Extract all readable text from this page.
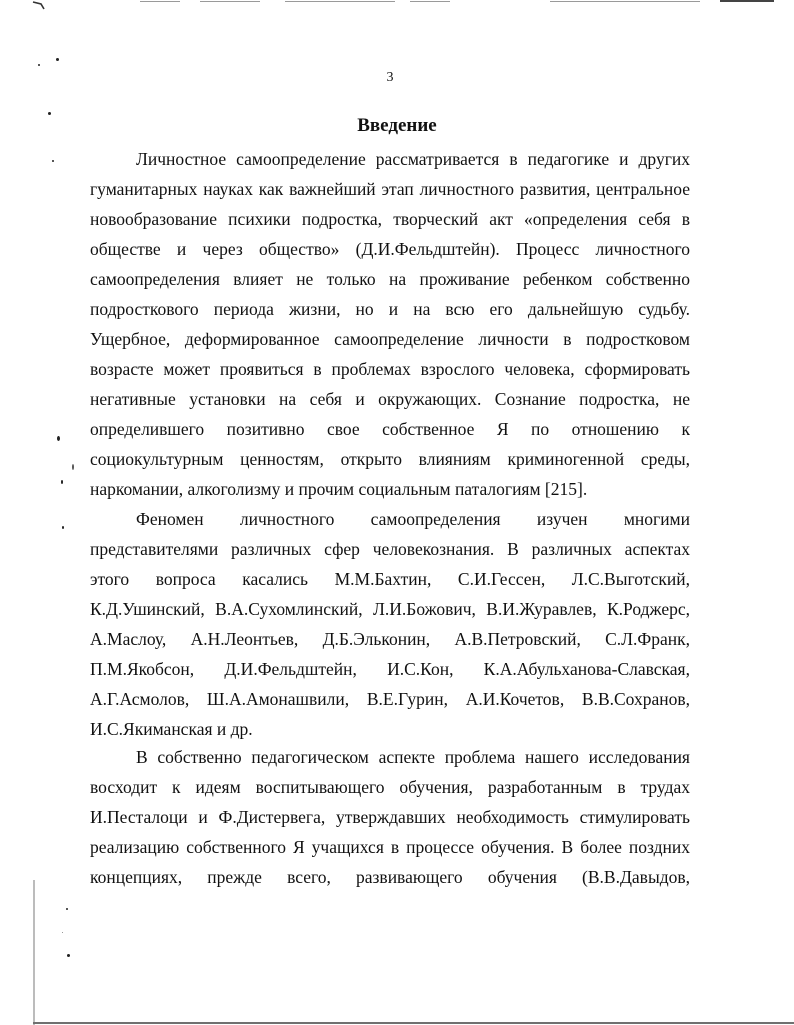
3
Введение
Личностное самоопределение рассматривается в педагогике и других
гуманитарных науках как важнейший этап личностного развития, центральное
новообразование психики подростка, творческий акт «определения себя в
обществе и через общество» (Д.И.Фельдштейн). Процесс личностного
самоопределения влияет не только на проживание ребенком собственно
подросткового периода жизни, но и на всю его дальнейшую судьбу.
Ущербное, деформированное самоопределение личности в подростковом
возрасте может проявиться в проблемах взрослого человека, сформировать
негативные установки на себя и окружающих. Сознание подростка, не
определившего позитивно свое собственное Я по отношению к
социокультурным ценностям, открыто влияниям криминогенной среды,
наркомании, алкоголизму и прочим социальным паталогиям [215].
Феномен личностного самоопределения изучен многими
представителями различных сфер человекознания. В различных аспектах
этого вопроса касались М.М.Бахтин, С.И.Гессен, Л.С.Выготский,
К.Д.Ушинский, В.А.Сухомлинский, Л.И.Божович, В.И.Журавлев, К.Роджерс,
А.Маслоу, А.Н.Леонтьев, Д.Б.Эльконин, А.В.Петровский, С.Л.Франк,
П.М.Якобсон, Д.И.Фельдштейн, И.С.Кон, К.А.Абульханова-Славская,
А.Г.Асмолов, Ш.А.Амонашвили, В.Е.Гурин, А.И.Кочетов, В.В.Сохранов,
И.С.Якиманская и др.
В собственно педагогическом аспекте проблема нашего исследования
восходит к идеям воспитывающего обучения, разработанным в трудах
И.Песталоци и Ф.Дистервега, утверждавших необходимость стимулировать
реализацию собственного Я учащихся в процессе обучения. В более поздних
концепциях, прежде всего, развивающего обучения (В.В.Давыдов,
